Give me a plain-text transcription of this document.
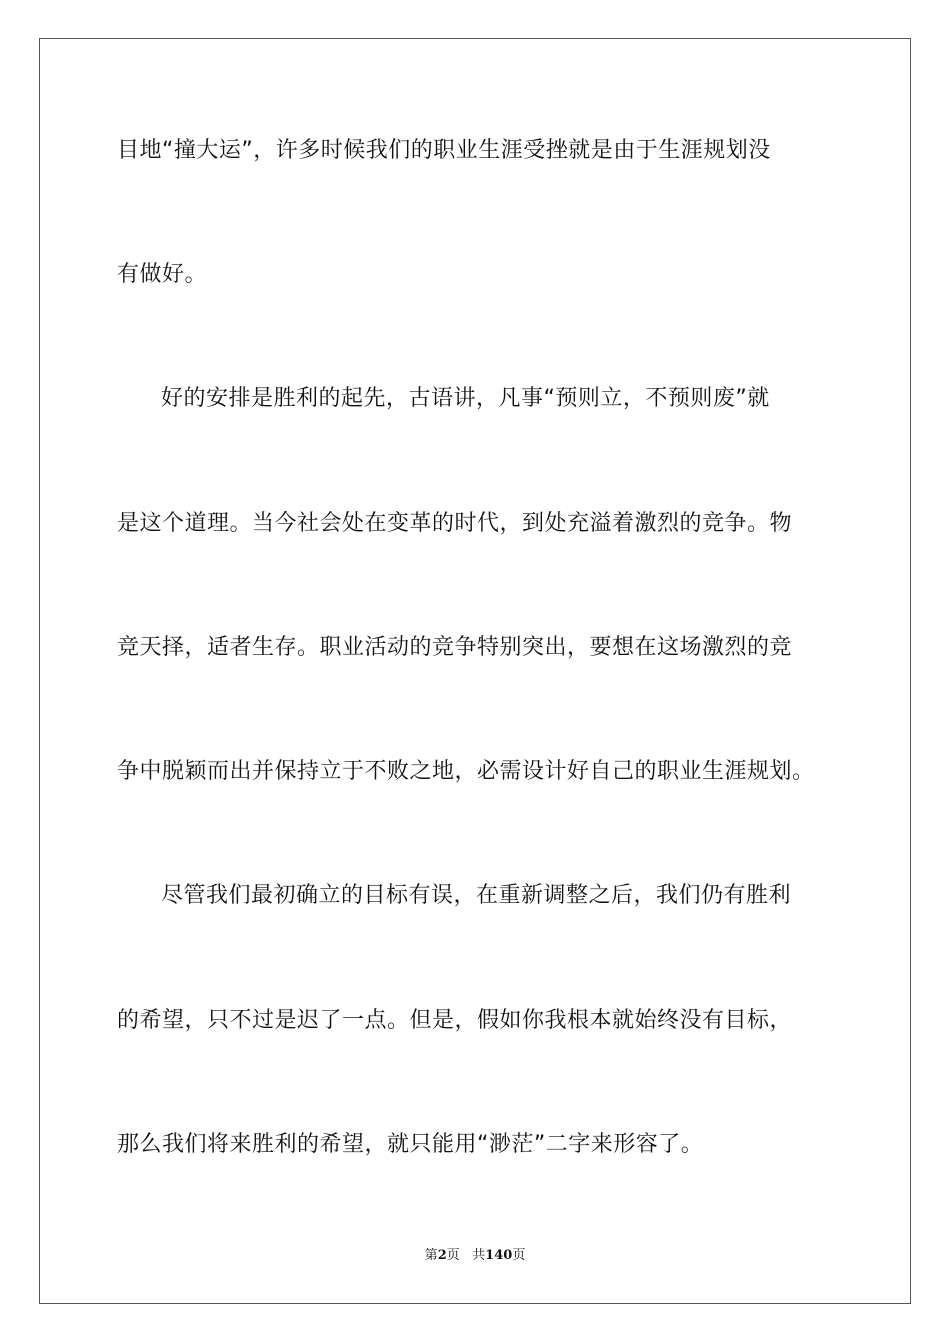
目地“撞大运”，许多时候我们的职业生涯受挫就是由于生涯规划没
有做好。
好的安排是胜利的起先，古语讲，凡事“预则立，不预则废”就
是这个道理。当今社会处在变革的时代，到处充溢着激烈的竞争。物
竞天择，适者生存。职业活动的竞争特别突出，要想在这场激烈的竞
争中脱颖而出并保持立于不败之地，必需设计好自己的职业生涯规划。
尽管我们最初确立的目标有误，在重新调整之后，我们仍有胜利
的希望，只不过是迟了一点。但是，假如你我根本就始终没有目标，
那么我们将来胜利的希望，就只能用“渺茫”二字来形容了。
第2页 共140页
